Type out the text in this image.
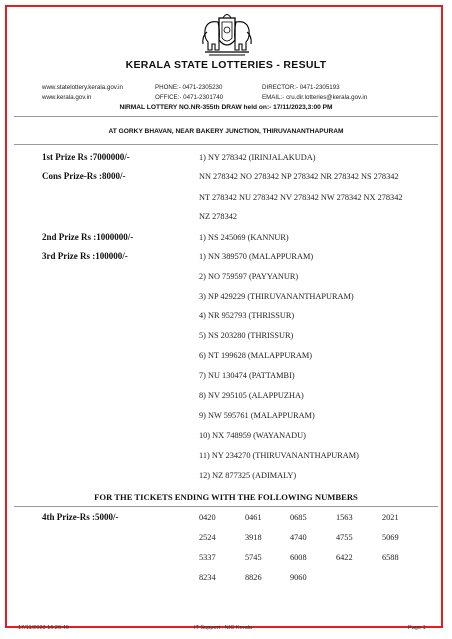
KERALA STATE LOTTERIES - RESULT
www.statelottery.kerala.gov.in
www.kerala.gov.in
PHONE:- 0471-2305230
OFFICE:- 0471-2301740
DIRECTOR:- 0471-2305193
EMAIL:- cru.dir.lotteries@kerala.gov.in
NIRMAL LOTTERY NO.NR-355th DRAW held on:- 17/11/2023,3:00 PM
AT GORKY BHAVAN, NEAR BAKERY JUNCTION, THIRUVANANTHAPURAM
1st Prize Rs :7000000/-	1) NY 278342 (IRINJALAKUDA)
Cons Prize-Rs :8000/-	NN 278342 NO 278342 NP 278342 NR 278342 NS 278342
NT 278342 NU 278342 NV 278342 NW 278342 NX 278342
NZ 278342
2nd Prize Rs :1000000/-	1) NS 245069 (KANNUR)
3rd Prize Rs :100000/-	1) NN 389570 (MALAPPURAM)
2) NO 759597 (PAYYANUR)
3) NP 429229 (THIRUVANANTHAPURAM)
4) NR 952793 (THRISSUR)
5) NS 203280 (THRISSUR)
6) NT 199628 (MALAPPURAM)
7) NU 130474 (PATTAMBI)
8) NV 295105 (ALAPPUZHA)
9) NW 595761 (MALAPPURAM)
10) NX 748959 (WAYANADU)
11) NY 234270 (THIRUVANANTHAPURAM)
12) NZ 877325 (ADIMALY)
FOR THE TICKETS ENDING WITH THE FOLLOWING NUMBERS
4th Prize-Rs :5000/-	0420	0461	0685	1563	2021
2524	3918	4740	4755	5069
5337	5745	6008	6422	6588
8234	8826	9060
17/11/2023 16:26:40	IT Support : NIC Kerala	Page 1
